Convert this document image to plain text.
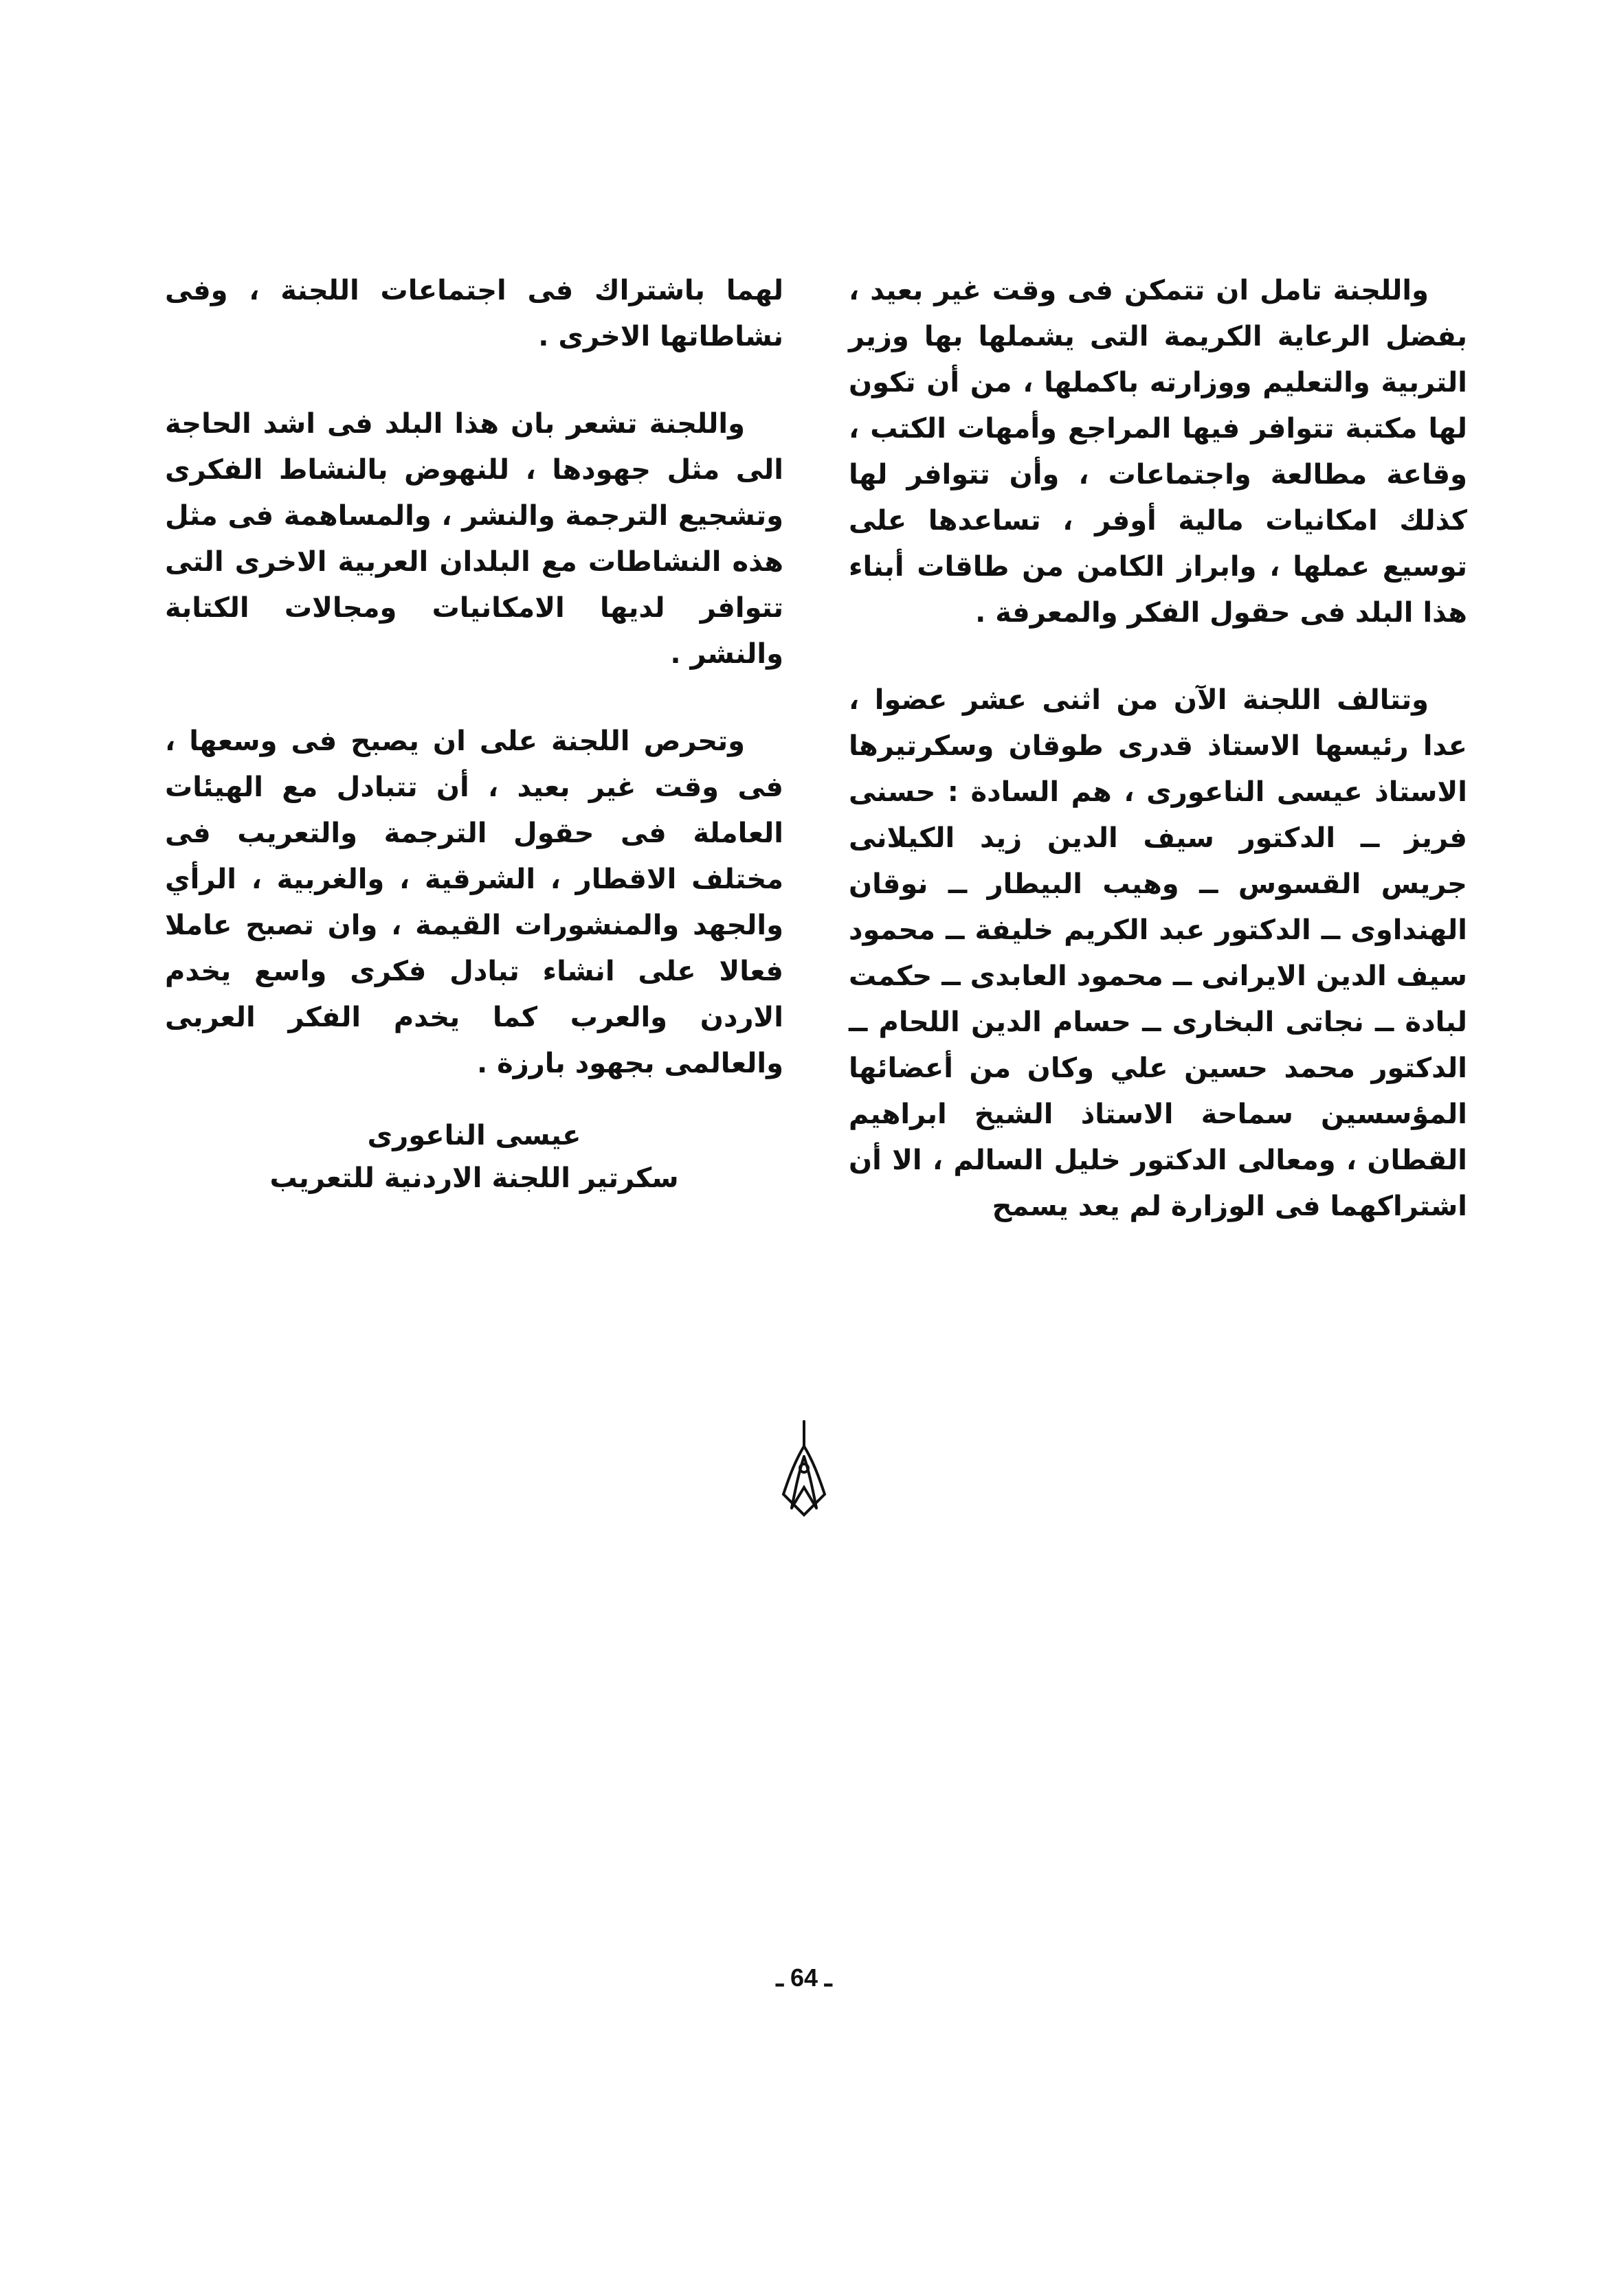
واللجنة تامل ان تتمكن فى وقت غير بعيد ، بفضل الرعاية الكريمة التى يشملها بها وزير التربية والتعليم ووزارته باكملها ، من أن تكون لها مكتبة تتوافر فيها المراجع وأمهات الكتب ، وقاعة مطالعة واجتماعات ، وأن تتوافر لها كذلك امكانيات مالية أوفر ، تساعدها على توسيع عملها ، وابراز الكامن من طاقات أبناء هذا البلد فى حقول الفكر والمعرفة .

وتتالف اللجنة الآن من اثنى عشر عضوا ، عدا رئيسها الاستاذ قدرى طوقان وسكرتيرها الاستاذ عيسى الناعورى ، هم السادة : حسنى فريز ــ الدكتور سيف الدين زيد الكيلانى جريس القسوس ــ وهيب البيطار ــ نوقان الهنداوى ــ الدكتور عبد الكريم خليفة ــ محمود سيف الدين الايرانى ــ محمود العابدى ــ حكمت لبادة ــ نجاتى البخارى ــ حسام الدين اللحام ــ الدكتور محمد حسين علي وكان من أعضائها المؤسسين سماحة الاستاذ الشيخ ابراهيم القطان ، ومعالى الدكتور خليل السالم ، الا أن اشتراكهما فى الوزارة لم يعد يسمح

لهما باشتراك فى اجتماعات اللجنة ، وفى نشاطاتها الاخرى .

واللجنة تشعر بان هذا البلد فى اشد الحاجة الى مثل جهودها ، للنهوض بالنشاط الفكرى وتشجيع الترجمة والنشر ، والمساهمة فى مثل هذه النشاطات مع البلدان العربية الاخرى التى تتوافر لديها الامكانيات ومجالات الكتابة والنشر .

وتحرص اللجنة على ان يصبح فى وسعها ، فى وقت غير بعيد ، أن تتبادل مع الهيئات العاملة فى حقول الترجمة والتعريب فى مختلف الاقطار ، الشرقية ، والغربية ، الرأي والجهد والمنشورات القيمة ، وان تصبح عاملا فعالا على انشاء تبادل فكرى واسع يخدم الاردن والعرب كما يخدم الفكر العربى والعالمى بجهود بارزة .

عيسى الناعورى

سكرتير اللجنة الاردنية للتعريب

ـ 64 ـ
